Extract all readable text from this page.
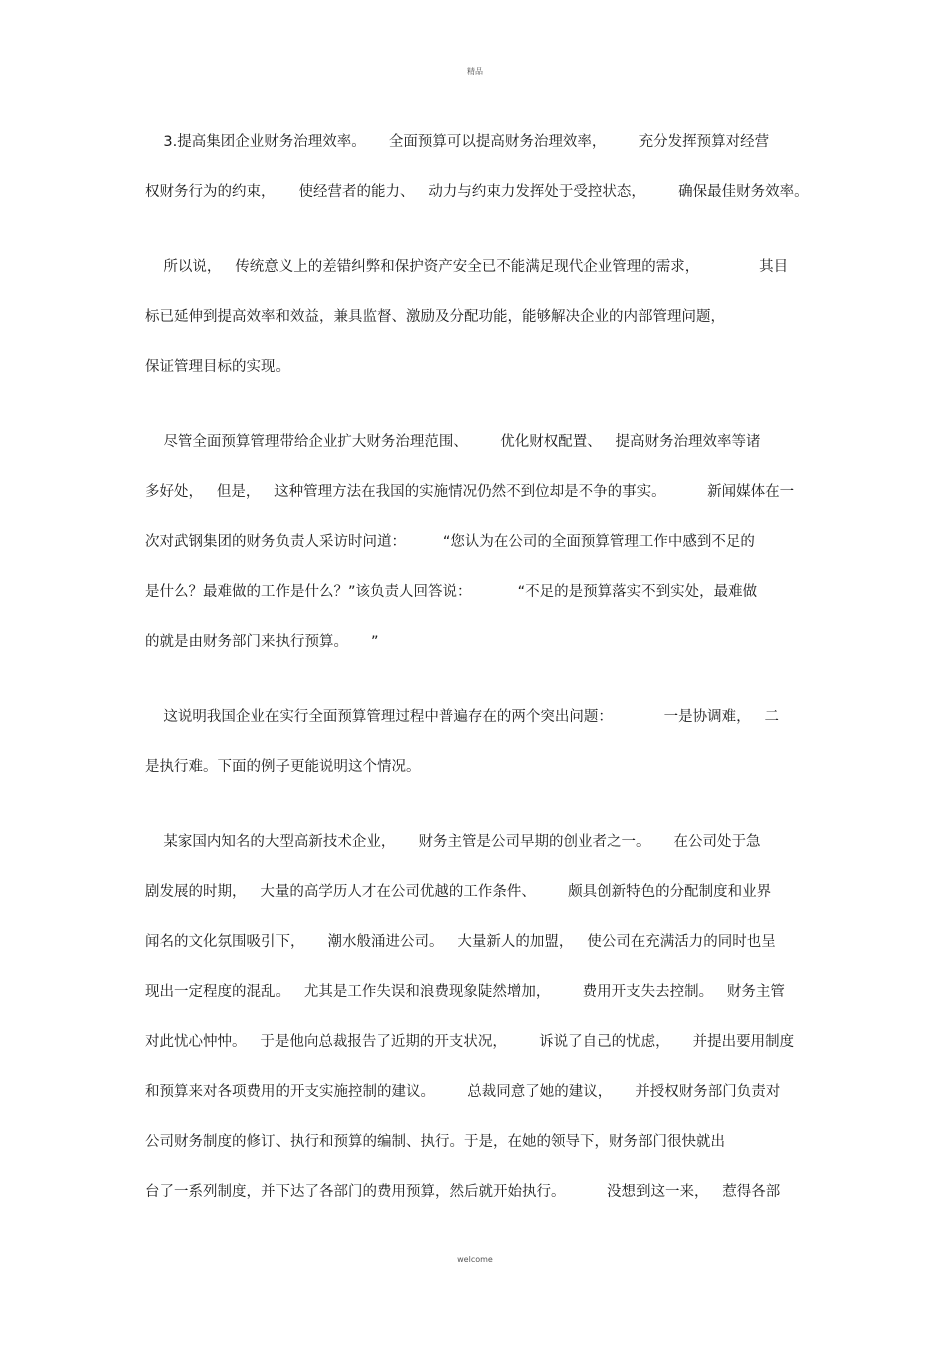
精品
3.提高集团企业财务治理效率。     全面预算可以提高财务治理效率，       充分发挥预算对经营
权财务行为的约束，     使经营者的能力、   动力与约束力发挥处于受控状态，       确保最佳财务效率。
所以说，   传统意义上的差错纠弊和保护资产安全已不能满足现代企业管理的需求，             其目
标已延伸到提高效率和效益，兼具监督、激励及分配功能，能够解决企业的内部管理问题，
保证管理目标的实现。
尽管全面预算管理带给企业扩大财务治理范围、       优化财权配置、   提高财务治理效率等诸
多好处，   但是，   这种管理方法在我国的实施情况仍然不到位却是不争的事实。         新闻媒体在一
次对武钢集团的财务负责人采访时问道：        “您认为在公司的全面预算管理工作中感到不足的
是什么？最难做的工作是什么？”该负责人回答说：          “不足的是预算落实不到实处，最难做
的就是由财务部门来执行预算。     ”
这说明我国企业在实行全面预算管理过程中普遍存在的两个突出问题：           一是协调难，   二
是执行难。下面的例子更能说明这个情况。
某家国内知名的大型高新技术企业，     财务主管是公司早期的创业者之一。     在公司处于急
剧发展的时期，   大量的高学历人才在公司优越的工作条件、       颇具创新特色的分配制度和业界
闻名的文化氛围吸引下，     潮水般涌进公司。   大量新人的加盟，   使公司在充满活力的同时也呈
现出一定程度的混乱。   尤其是工作失误和浪费现象陡然增加，       费用开支失去控制。   财务主管
对此忧心忡忡。   于是他向总裁报告了近期的开支状况，       诉说了自己的忧虑，     并提出要用制度
和预算来对各项费用的开支实施控制的建议。       总裁同意了她的建议，     并授权财务部门负责对
公司财务制度的修订、执行和预算的编制、执行。于是，在她的领导下，财务部门很快就出
台了一系列制度，并下达了各部门的费用预算，然后就开始执行。         没想到这一来，   惹得各部
welcome
